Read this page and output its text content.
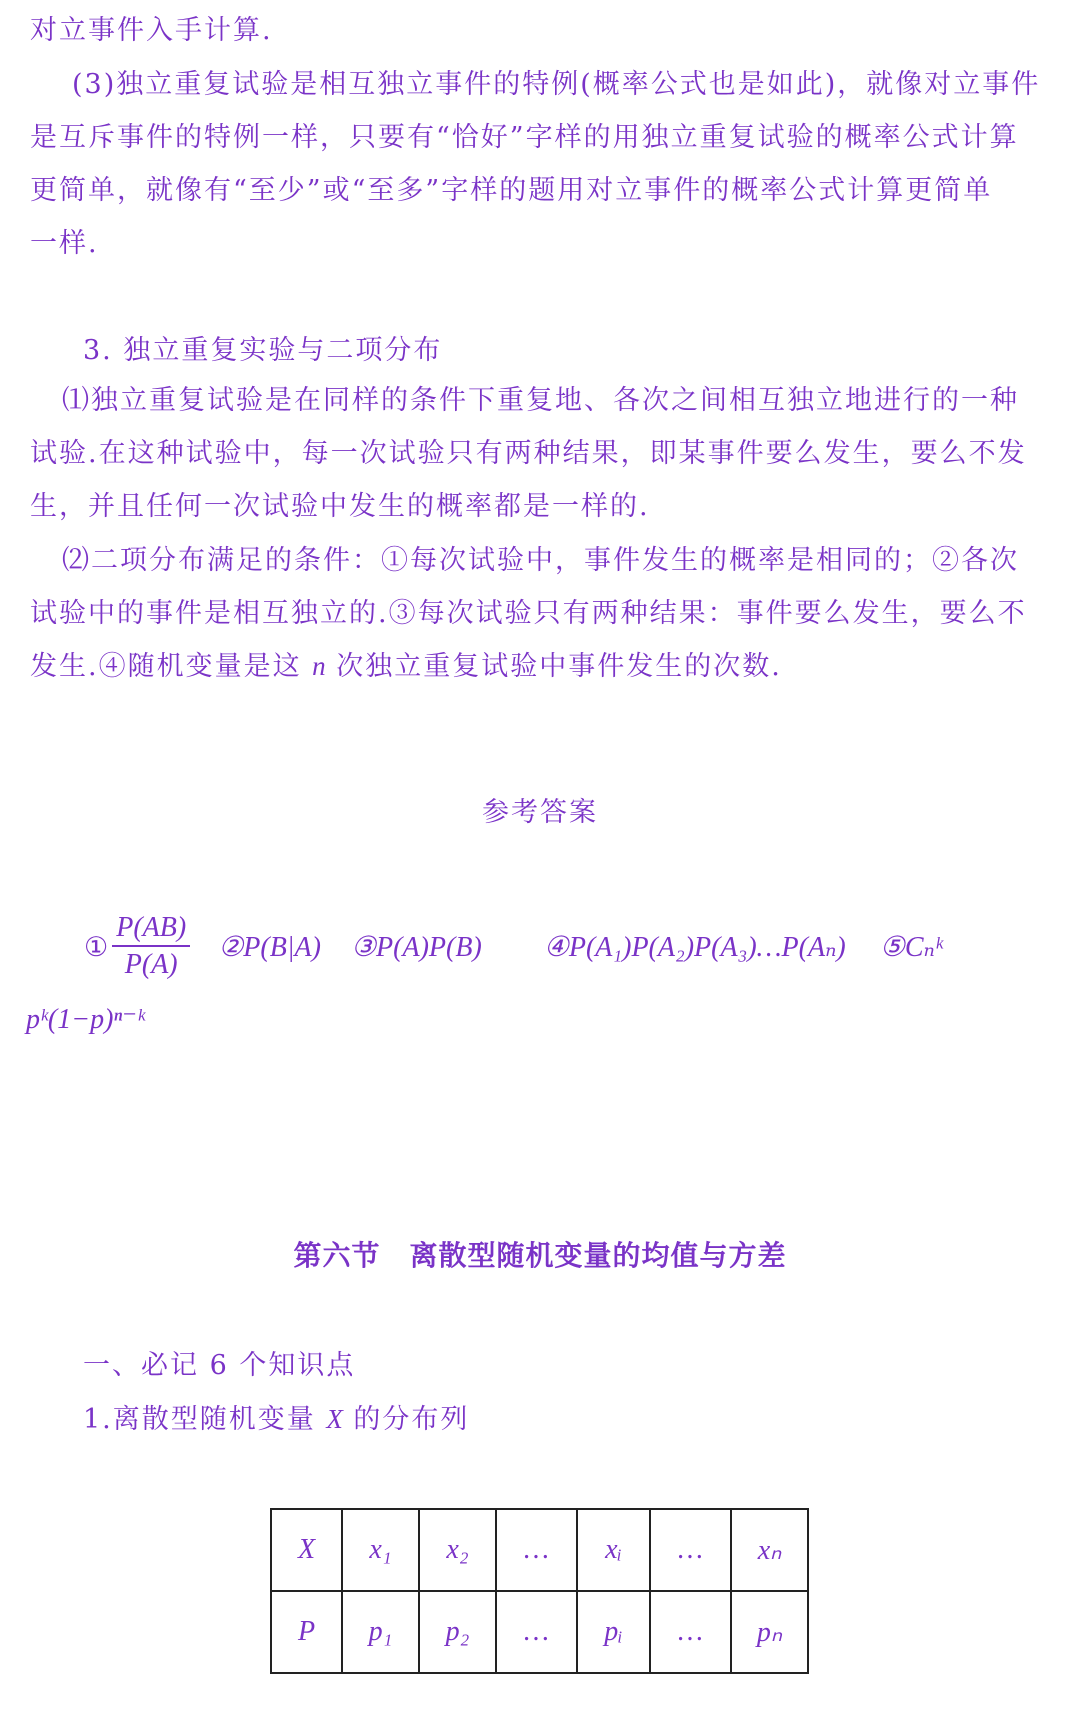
对立事件入手计算.
(3)独立重复试验是相互独立事件的特例(概率公式也是如此)，就像对立事件
是互斥事件的特例一样，只要有“恰好”字样的用独立重复试验的概率公式计算
更简单，就像有“至少”或“至多”字样的题用对立事件的概率公式计算更简单
一样.
3. 独立重复实验与二项分布
⑴独立重复试验是在同样的条件下重复地、各次之间相互独立地进行的一种
试验.在这种试验中，每一次试验只有两种结果，即某事件要么发生，要么不发
生，并且任何一次试验中发生的概率都是一样的.
⑵二项分布满足的条件：①每次试验中，事件发生的概率是相同的；②各次
试验中的事件是相互独立的.③每次试验只有两种结果：事件要么发生，要么不
发生.④随机变量是这 n 次独立重复试验中事件发生的次数.
参考答案
① $\frac{P(AB)}{P(A)}$ ②P(B|A) ③P(A)P(B) ④P(A₁)P(A₂)P(A₃)…P(Aₙ) ⑤Cₙᵏ
pᵏ(1−p)ⁿ⁻ᵏ
第六节　离散型随机变量的均值与方差
一、必记 6 个知识点
1.离散型随机变量 X 的分布列
X	x₁	x₂	…	xᵢ	…	xₙ
P	p₁	p₂	…	pᵢ	…	pₙ
